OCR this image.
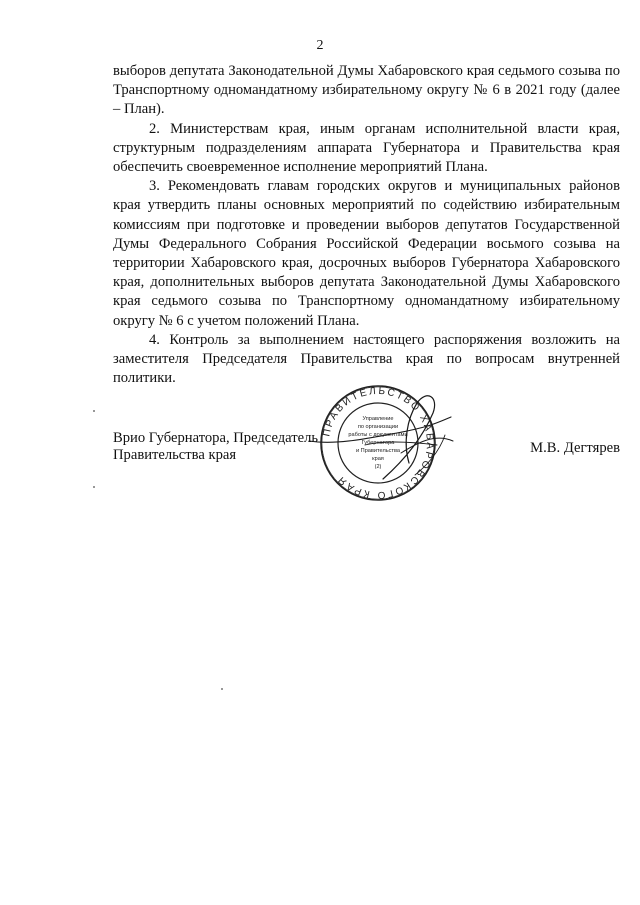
2

выборов депутата Законодательной Думы Хабаровского края седьмого созыва по Транспортному одномандатному избирательному округу № 6 в 2021 году (далее – План).

2. Министерствам края, иным органам исполнительной власти края, структурным подразделениям аппарата Губернатора и Правительства края обеспечить своевременное исполнение мероприятий Плана.

3. Рекомендовать главам городских округов и муниципальных районов края утвердить планы основных мероприятий по содействию избирательным комиссиям при подготовке и проведении выборов депутатов Государственной Думы Федерального Собрания Российской Федерации восьмого созыва на территории Хабаровского края, досрочных выборов Губернатора Хабаровского края, дополнительных выборов депутата Законодательной Думы Хабаровского края седьмого созыва по Транспортному одномандатному избирательному округу № 6 с учетом положений Плана.

4. Контроль за выполнением настоящего распоряжения возложить на заместителя Председателя Правительства края по вопросам внутренней политики.

Врио Губернатора, Председатель
Правительства края	М.В. Дегтярев
ПРАВИТЕЛЬСТВО ХАБАРОВСКОГО КРАЯ
Управление
по организации
работы с документами
Губернатора
и Правительства
края
(2)
